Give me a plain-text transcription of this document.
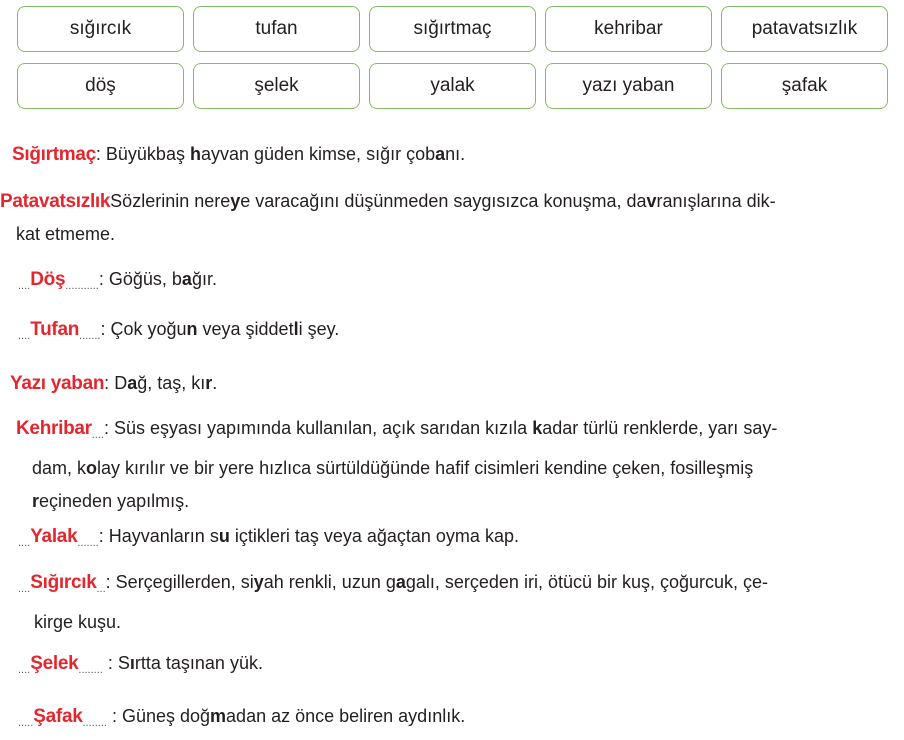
sığırcık	tufan	sığırtmaç	kehribar	patavatsızlık
döş	şelek	yalak	yazı yaban	şafak
Sığırtmaç: Büyükbaş hayvan güden kimse, sığır çobanı.
PatavatsızlıkSözlerinin nereye varacağını düşünmeden saygısızca konuşma, davranışlarına dik-
kat etmeme.
$_{....}$Döş$_{...........}$: Göğüs, bağır.
$_{....}$Tufan$_{.......}$: Çok yoğun veya şiddetli şey.
Yazı yaban: Dağ, taş, kır.
Kehribar$_{....}$: Süs eşyası yapımında kullanılan, açık sarıdan kızıla kadar türlü renklerde, yarı say-
dam, kolay kırılır ve bir yere hızlıca sürtüldüğünde hafif cisimleri kendine çeken, fosilleşmiş
reçineden yapılmış.
$_{....}$Yalak$_{.......}$: Hayvanların su içtikleri taş veya ağaçtan oyma kap.
$_{....}$Sığırcık$_{...}$: Serçegillerden, siyah renkli, uzun gagalı, serçeden iri, ötücü bir kuş, çoğurcuk, çe-
kirge kuşu.
$_{....}$Şelek$_{........}$ : Sırtta taşınan yük.
$_{.....}$Şafak$_{........}$ : Güneş doğmadan az önce beliren aydınlık.
